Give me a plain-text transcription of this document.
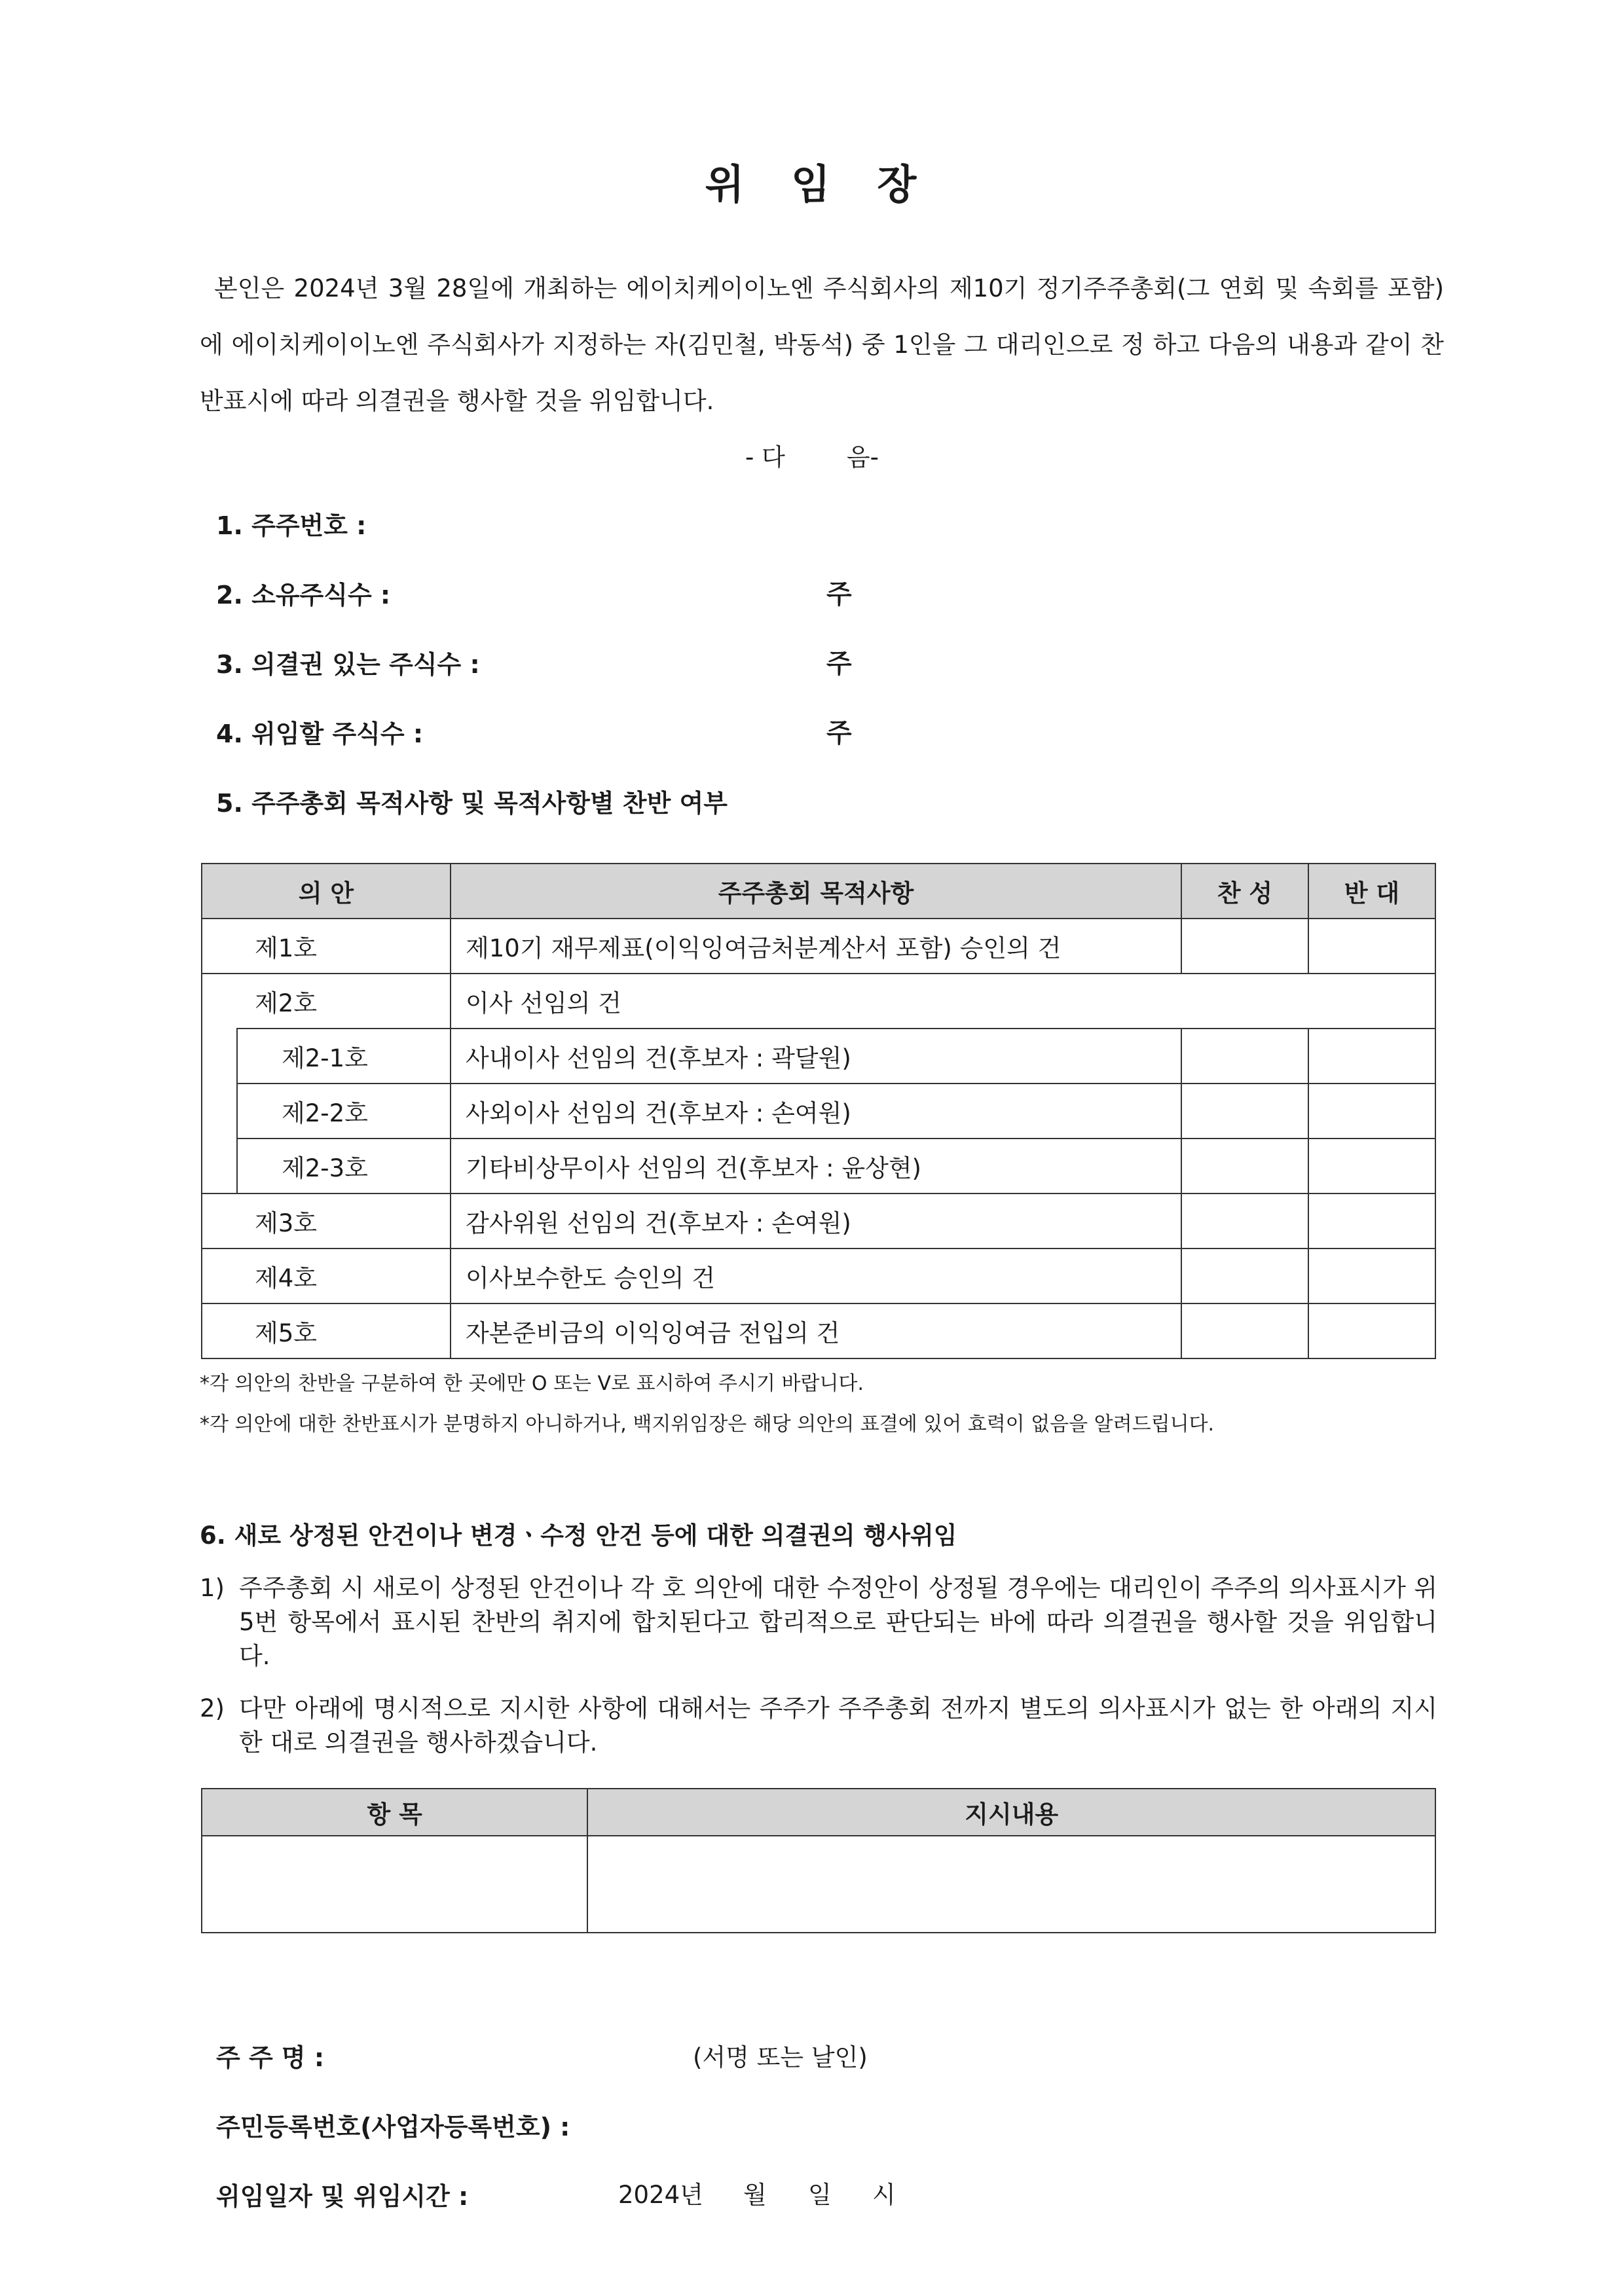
위 임 장
본인은 2024년 3월 28일에 개최하는 에이치케이이노엔 주식회사의 제10기 정기주주총회(그 연회 및 속회를 포함)에 에이치케이이노엔 주식회사가 지정하는 자(김민철, 박동석) 중 1인을 그 대리인으로 정 하고 다음의 내용과 같이 찬반표시에 따라 의결권을 행사할 것을 위임합니다.
- 다        음-
1. 주주번호 :
2. 소유주식수 :	주
3. 의결권 있는 주식수 :	주
4. 위임할 주식수 :	주
5. 주주총회 목적사항 및 목적사항별 찬반 여부
의 안		주주총회 목적사항	찬 성	반 대
제1호		제10기 재무제표(이익잉여금처분계산서 포함) 승인의 건		
제2호		이사 선임의 건		
	제2-1호	사내이사 선임의 건(후보자 : 곽달원)		
	제2-2호	사외이사 선임의 건(후보자 : 손여원)		
	제2-3호	기타비상무이사 선임의 건(후보자 : 윤상현)		
제3호		감사위원 선임의 건(후보자 : 손여원)		
제4호		이사보수한도 승인의 건		
제5호		자본준비금의 이익잉여금 전입의 건		
*각 의안의 찬반을 구분하여 한 곳에만 O 또는 V로 표시하여 주시기 바랍니다.
*각 의안에 대한 찬반표시가 분명하지 아니하거나, 백지위임장은 해당 의안의 표결에 있어 효력이 없음을 알려드립니다.
6. 새로 상정된 안건이나 변경ㆍ수정 안건 등에 대한 의결권의 행사위임
1) 주주총회 시 새로이 상정된 안건이나 각 호 의안에 대한 수정안이 상정될 경우에는 대리인이 주주의 의사표시가 위 5번 항목에서 표시된 찬반의 취지에 합치된다고 합리적으로 판단되는 바에 따라 의결권을 행사할 것을 위임합니다.
2) 다만 아래에 명시적으로 지시한 사항에 대해서는 주주가 주주총회 전까지 별도의 의사표시가 없는 한 아래의 지시한 대로 의결권을 행사하겠습니다.
항 목	지시내용

주 주 명 :	(서명 또는 날인)
주민등록번호(사업자등록번호) :
위임일자 및 위임시간 :	2024년 월 일 시
